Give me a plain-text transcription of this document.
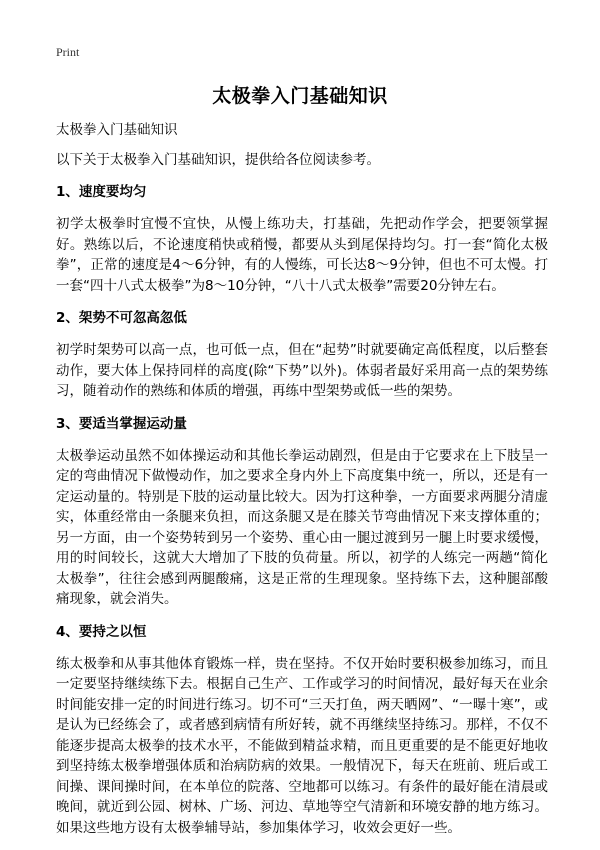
Print
太极拳入门基础知识

太极拳入门基础知识

以下关于太极拳入门基础知识，提供给各位阅读参考。

1、速度要均匀

初学太极拳时宜慢不宜快，从慢上练功夫，打基础，先把动作学会，把要领掌握好。熟练以后，不论速度稍快或稍慢，都要从头到尾保持均匀。打一套“简化太极拳”，正常的速度是4～6分钟，有的人慢练，可长达8～9分钟，但也不可太慢。打一套“四十八式太极拳”为8～10分钟，“八十八式太极拳”需要20分钟左右。

2、架势不可忽高忽低

初学时架势可以高一点，也可低一点，但在“起势”时就要确定高低程度，以后整套动作，要大体上保持同样的高度(除“下势”以外)。体弱者最好采用高一点的架势练习，随着动作的熟练和体质的增强，再练中型架势或低一些的架势。

3、要适当掌握运动量

太极拳运动虽然不如体操运动和其他长拳运动剧烈，但是由于它要求在上下肢呈一定的弯曲情况下做慢动作，加之要求全身内外上下高度集中统一，所以，还是有一定运动量的。特别是下肢的运动量比较大。因为打这种拳，一方面要求两腿分清虚实，体重经常由一条腿来负担，而这条腿又是在膝关节弯曲情况下来支撑体重的；另一方面，由一个姿势转到另一个姿势、重心由一腿过渡到另一腿上时要求缓慢，用的时间较长，这就大大增加了下肢的负荷量。所以，初学的人练完一两趟“简化太极拳”，往往会感到两腿酸痛，这是正常的生理现象。坚持练下去，这种腿部酸痛现象，就会消失。

4、要持之以恒

练太极拳和从事其他体育锻炼一样，贵在坚持。不仅开始时要积极参加练习，而且一定要坚持继续练下去。根据自己生产、工作或学习的时间情况，最好每天在业余时间能安排一定的时间进行练习。切不可“三天打鱼，两天晒网”、“一曝十寒”，或是认为已经练会了，或者感到病情有所好转，就不再继续坚持练习。那样，不仅不能逐步提高太极拳的技术水平，不能做到精益求精，而且更重要的是不能更好地收到坚持练太极拳增强体质和治病防病的效果。一般情况下，每天在班前、班后或工间操、课间操时间，在本单位的院落、空地都可以练习。有条件的最好能在清晨或晚间，就近到公园、树林、广场、河边、草地等空气清新和环境安静的地方练习。如果这些地方设有太极拳辅导站，参加集体学习，收效会更好一些。
